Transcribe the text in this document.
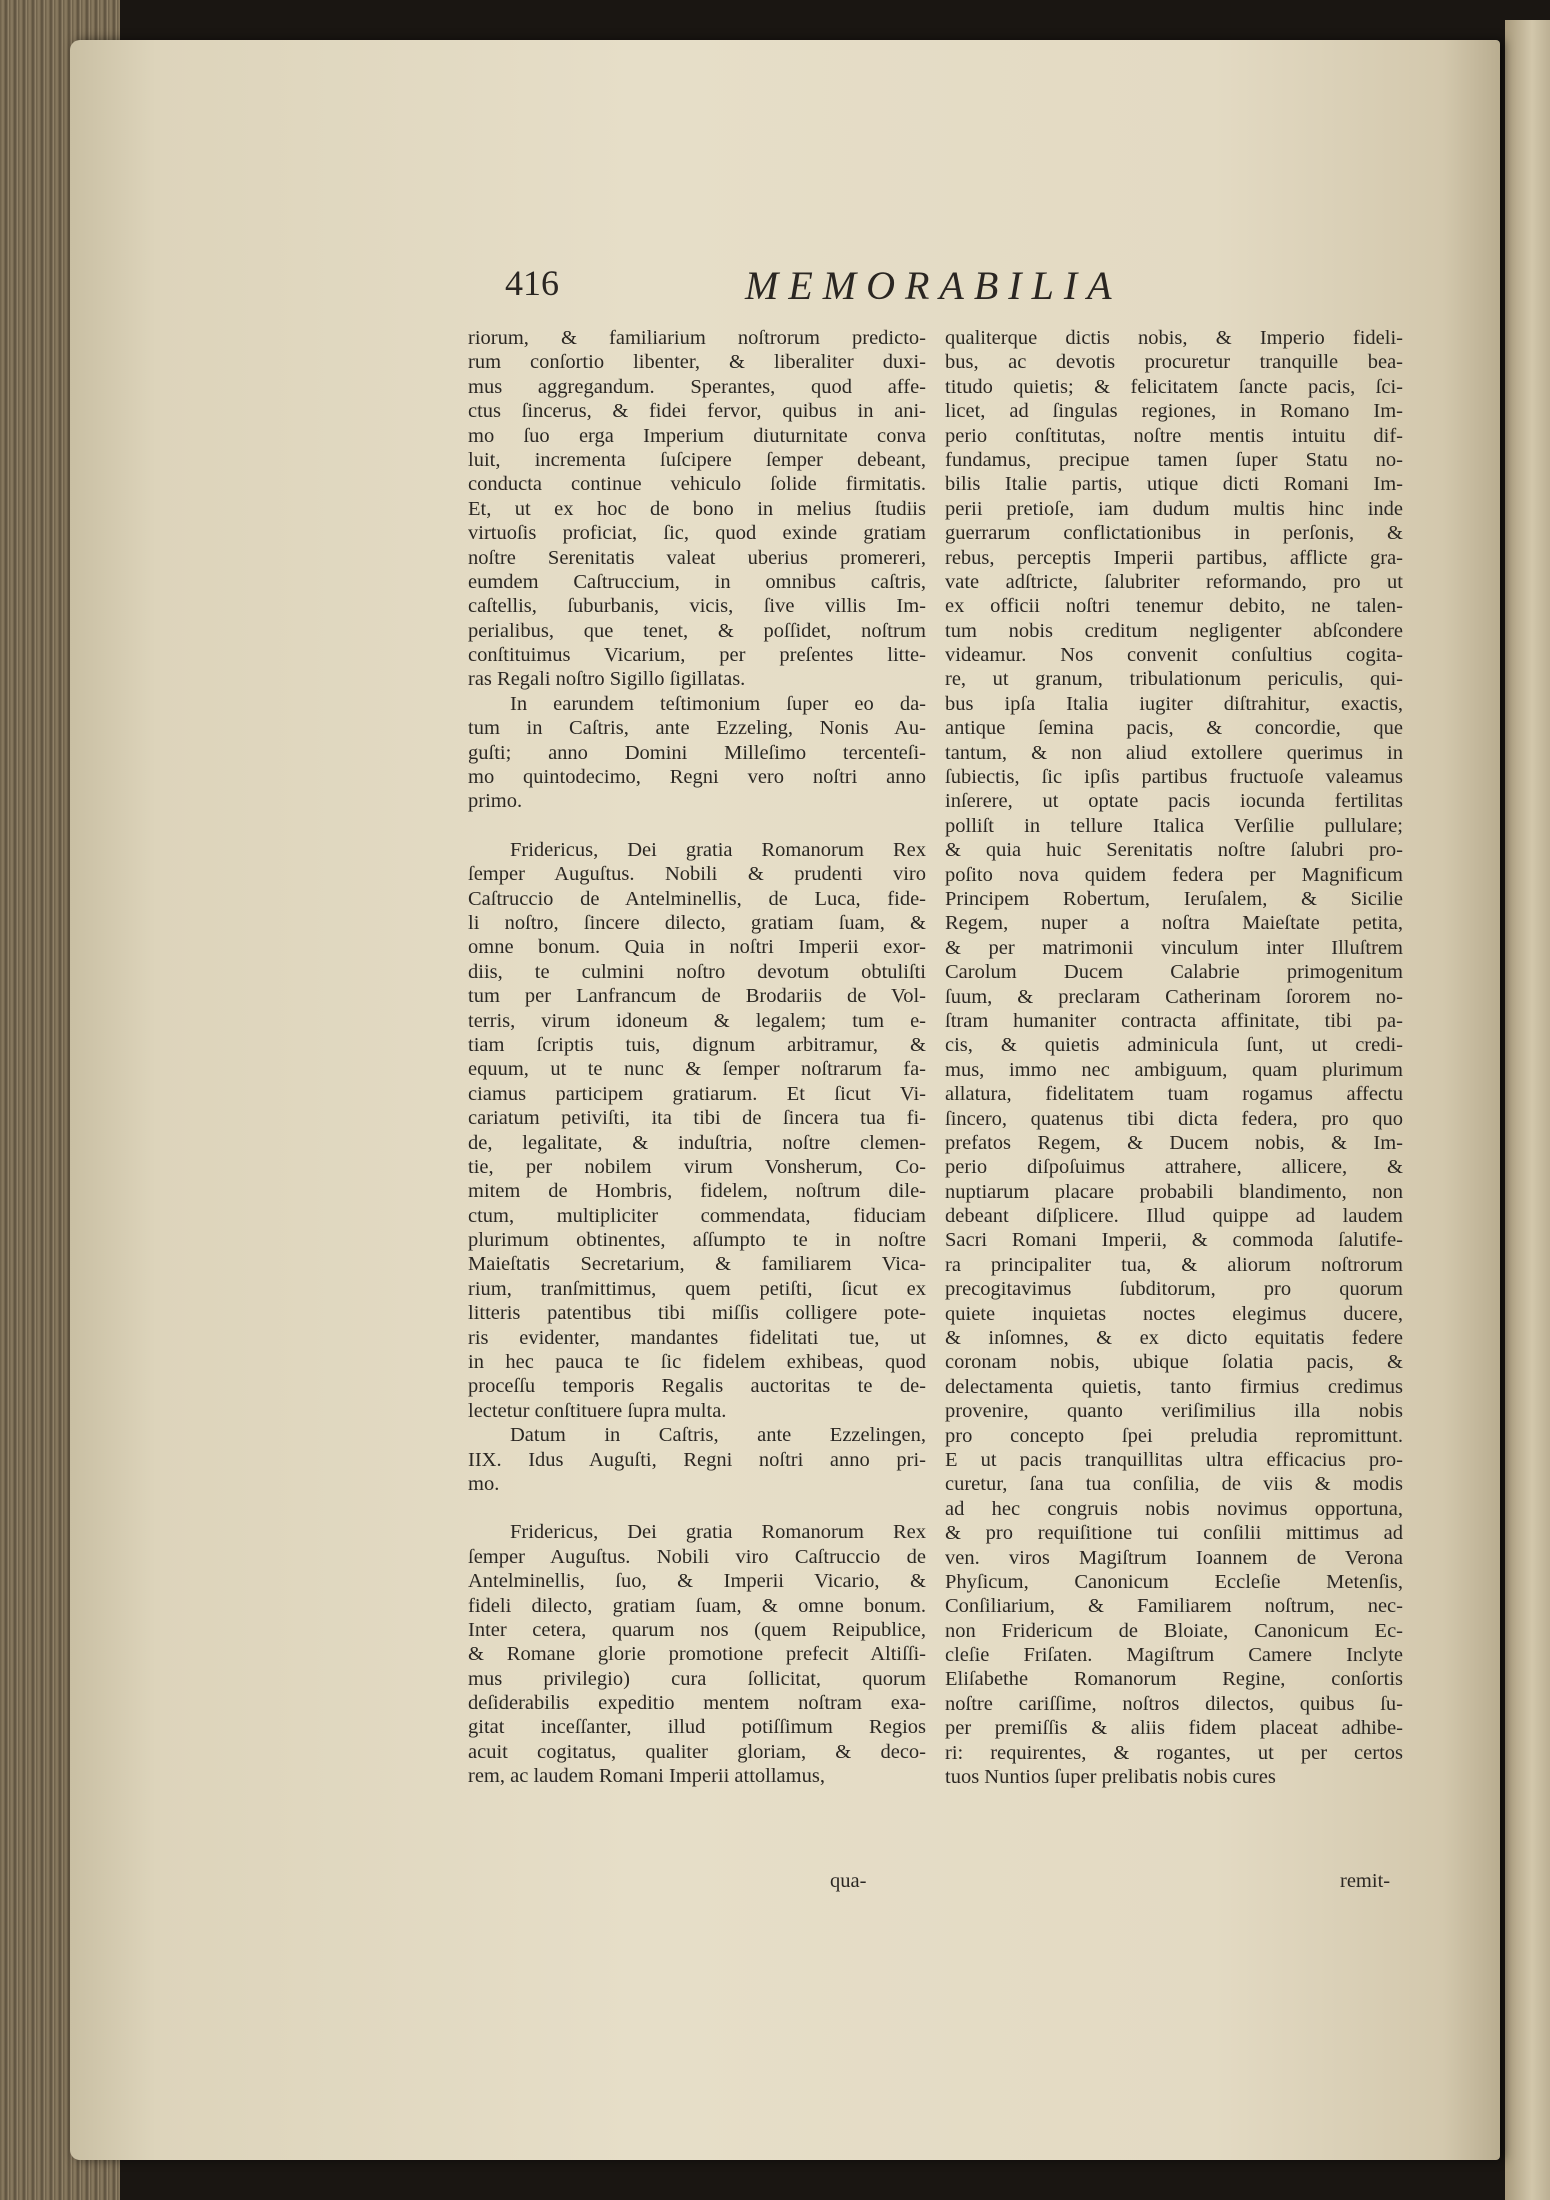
416	MEMORABILIA
riorum, & familiarium noſtrorum predicto-
rum conſortio libenter, & liberaliter duxi-
mus aggregandum. Sperantes, quod affe-
ctus ſincerus, & fidei fervor, quibus in ani-
mo ſuo erga Imperium diuturnitate conva
luit, incrementa ſuſcipere ſemper debeant,
conducta continue vehiculo ſolide firmitatis.
Et, ut ex hoc de bono in melius ſtudiis
virtuoſis proficiat, ſic, quod exinde gratiam
noſtre Serenitatis valeat uberius promereri,
eumdem Caſtruccium, in omnibus caſtris,
caſtellis, ſuburbanis, vicis, ſive villis Im-
perialibus, que tenet, & poſſidet, noſtrum
conſtituimus Vicarium, per preſentes litte-
ras Regali noſtro Sigillo ſigillatas.
In earundem teſtimonium ſuper eo da-
tum in Caſtris, ante Ezzeling, Nonis Au-
guſti; anno Domini Milleſimo tercenteſi-
mo quintodecimo, Regni vero noſtri anno
primo.
Fridericus, Dei gratia Romanorum Rex
ſemper Auguſtus. Nobili & prudenti viro
Caſtruccio de Antelminellis, de Luca, fide-
li noſtro, ſincere dilecto, gratiam ſuam, &
omne bonum. Quia in noſtri Imperii exor-
diis, te culmini noſtro devotum obtuliſti
tum per Lanfrancum de Brodariis de Vol-
terris, virum idoneum & legalem; tum e-
tiam ſcriptis tuis, dignum arbitramur, &
equum, ut te nunc & ſemper noſtrarum fa-
ciamus participem gratiarum. Et ſicut Vi-
cariatum petiviſti, ita tibi de ſincera tua fi-
de, legalitate, & induſtria, noſtre clemen-
tie, per nobilem virum Vonsherum, Co-
mitem de Hombris, fidelem, noſtrum dile-
ctum, multipliciter commendata, fiduciam
plurimum obtinentes, aſſumpto te in noſtre
Maieſtatis Secretarium, & familiarem Vica-
rium, tranſmittimus, quem petiſti, ſicut ex
litteris patentibus tibi miſſis colligere pote-
ris evidenter, mandantes fidelitati tue, ut
in hec pauca te ſic fidelem exhibeas, quod
proceſſu temporis Regalis auctoritas te de-
lectetur conſtituere ſupra multa.
Datum in Caſtris, ante Ezzelingen,
IIX. Idus Auguſti, Regni noſtri anno pri-
mo.
Fridericus, Dei gratia Romanorum Rex
ſemper Auguſtus. Nobili viro Caſtruccio de
Antelminellis, ſuo, & Imperii Vicario, &
fideli dilecto, gratiam ſuam, & omne bonum.
Inter cetera, quarum nos (quem Reipublice,
& Romane glorie promotione prefecit Altiſſi-
mus privilegio) cura ſollicitat, quorum
deſiderabilis expeditio mentem noſtram exa-
gitat inceſſanter, illud potiſſimum Regios
acuit cogitatus, qualiter gloriam, & deco-
rem, ac laudem Romani Imperii attollamus,
qualiterque dictis nobis, & Imperio fideli-
bus, ac devotis procuretur tranquille bea-
titudo quietis; & felicitatem ſancte pacis, ſci-
licet, ad ſingulas regiones, in Romano Im-
perio conſtitutas, noſtre mentis intuitu dif-
fundamus, precipue tamen ſuper Statu no-
bilis Italie partis, utique dicti Romani Im-
perii pretioſe, iam dudum multis hinc inde
guerrarum conflictationibus in perſonis, &
rebus, perceptis Imperii partibus, afflicte gra-
vate adſtricte, ſalubriter reformando, pro ut
ex officii noſtri tenemur debito, ne talen-
tum nobis creditum negligenter abſcondere
videamur. Nos convenit conſultius cogita-
re, ut granum, tribulationum periculis, qui-
bus ipſa Italia iugiter diſtrahitur, exactis,
antique ſemina pacis, & concordie, que
tantum, & non aliud extollere querimus in
ſubiectis, ſic ipſis partibus fructuoſe valeamus
inſerere, ut optate pacis iocunda fertilitas
polliſt in tellure Italica Verſilie pullulare;
& quia huic Serenitatis noſtre ſalubri pro-
poſito nova quidem federa per Magnificum
Principem Robertum, Ieruſalem, & Sicilie
Regem, nuper a noſtra Maieſtate petita,
& per matrimonii vinculum inter Illuſtrem
Carolum Ducem Calabrie primogenitum
ſuum, & preclaram Catherinam ſororem no-
ſtram humaniter contracta affinitate, tibi pa-
cis, & quietis adminicula ſunt, ut credi-
mus, immo nec ambiguum, quam plurimum
allatura, fidelitatem tuam rogamus affectu
ſincero, quatenus tibi dicta federa, pro quo
prefatos Regem, & Ducem nobis, & Im-
perio diſpoſuimus attrahere, allicere, &
nuptiarum placare probabili blandimento, non
debeant diſplicere. Illud quippe ad laudem
Sacri Romani Imperii, & commoda ſalutife-
ra principaliter tua, & aliorum noſtrorum
precogitavimus ſubditorum, pro quorum
quiete inquietas noctes elegimus ducere,
& inſomnes, & ex dicto equitatis federe
coronam nobis, ubique ſolatia pacis, &
delectamenta quietis, tanto firmius credimus
provenire, quanto veriſimilius illa nobis
pro concepto ſpei preludia repromittunt.
E ut pacis tranquillitas ultra efficacius pro-
curetur, ſana tua conſilia, de viis & modis
ad hec congruis nobis novimus opportuna,
& pro requiſitione tui conſilii mittimus ad
ven. viros Magiſtrum Ioannem de Verona
Phyſicum, Canonicum Eccleſie Metenſis,
Conſiliarium, & Familiarem noſtrum, nec-
non Fridericum de Bloiate, Canonicum Ec-
cleſie Friſaten. Magiſtrum Camere Inclyte
Eliſabethe Romanorum Regine, conſortis
noſtre cariſſime, noſtros dilectos, quibus ſu-
per premiſſis & aliis fidem placeat adhibe-
ri: requirentes, & rogantes, ut per certos
tuos Nuntios ſuper prelibatis nobis cures
qua-	remit-
